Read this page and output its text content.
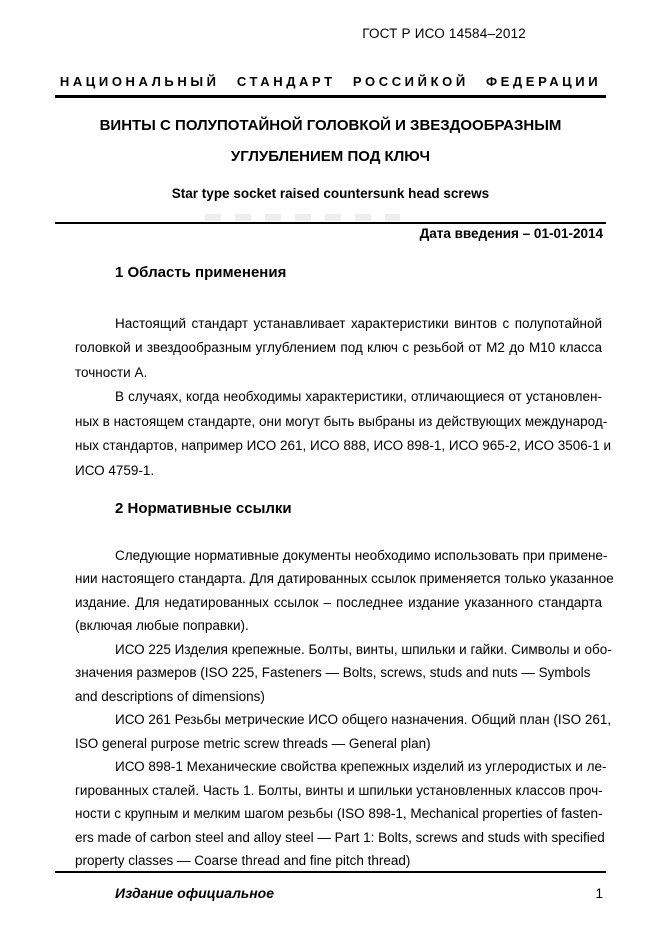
ГОСТ Р ИСО 14584–2012
НАЦИОНАЛЬНЫЙ СТАНДАРТ РОССИЙКОЙ ФЕДЕРАЦИИ
ВИНТЫ С ПОЛУПОТАЙНОЙ ГОЛОВКОЙ И ЗВЕЗДООБРАЗНЫМ
УГЛУБЛЕНИЕМ ПОД КЛЮЧ
Star type socket raised countersunk head screws
Дата введения – 01-01-2014
1 Область применения
Настоящий стандарт устанавливает характеристики винтов с полупотайной
головкой и звездообразным углублением под ключ с резьбой от М2 до М10 класса
точности А.
В случаях, когда необходимы характеристики, отличающиеся от установлен-
ных в настоящем стандарте, они могут быть выбраны из действующих международ-
ных стандартов, например ИСО 261, ИСО 888, ИСО 898-1, ИСО 965-2, ИСО 3506-1 и
ИСО 4759-1.
2 Нормативные ссылки
Следующие нормативные документы необходимо использовать при примене-
нии настоящего стандарта. Для датированных ссылок применяется только указанное
издание. Для недатированных ссылок – последнее издание указанного стандарта
(включая любые поправки).
ИСО 225 Изделия крепежные. Болты, винты, шпильки и гайки. Символы и обо-
значения размеров (ISO 225, Fasteners — Bolts, screws, studs and nuts — Symbols
and descriptions of dimensions)
ИСО 261 Резьбы метрические ИСО общего назначения. Общий план (ISO 261,
ISO general purpose metric screw threads — General plan)
ИСО 898-1 Механические свойства крепежных изделий из углеродистых и ле-
гированных сталей. Часть 1. Болты, винты и шпильки установленных классов проч-
ности с крупным и мелким шагом резьбы (ISO 898-1, Mechanical properties of fasten-
ers made of carbon steel and alloy steel — Part 1: Bolts, screws and studs with specified
property classes — Coarse thread and fine pitch thread)
Издание официальное	1
